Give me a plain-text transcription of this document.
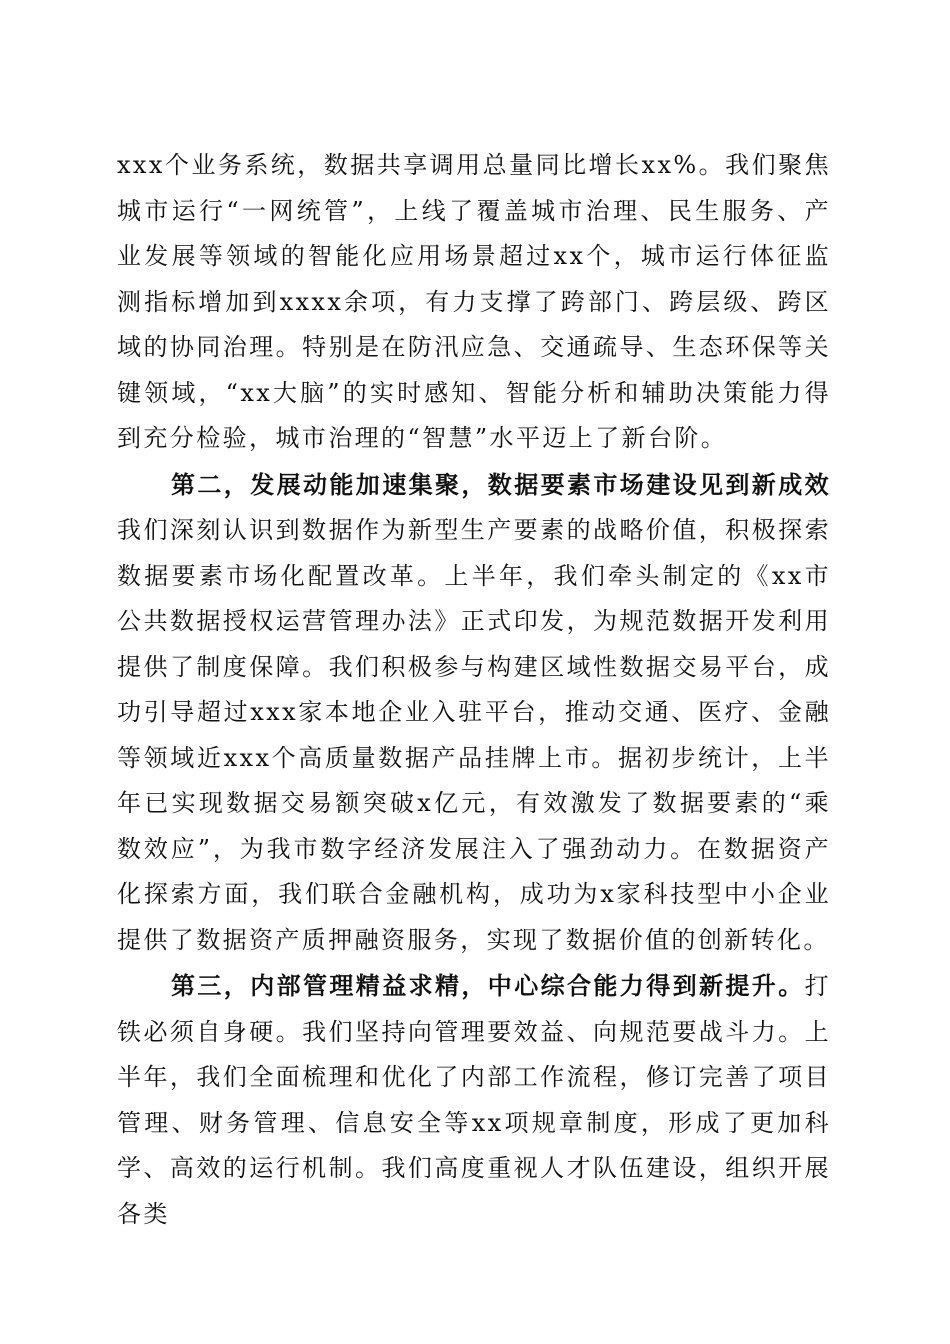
xxx个业务系统，数据共享调用总量同比增长xx%。我们聚焦城市运行“一网统管”，上线了覆盖城市治理、民生服务、产业发展等领域的智能化应用场景超过xx个，城市运行体征监测指标增加到xxxx余项，有力支撑了跨部门、跨层级、跨区域的协同治理。特别是在防汛应急、交通疏导、生态环保等关键领域，“xx大脑”的实时感知、智能分析和辅助决策能力得到充分检验，城市治理的“智慧”水平迈上了新台阶。

第二，发展动能加速集聚，数据要素市场建设见到新成效
我们深刻认识到数据作为新型生产要素的战略价值，积极探索数据要素市场化配置改革。上半年，我们牵头制定的《xx市公共数据授权运营管理办法》正式印发，为规范数据开发利用提供了制度保障。我们积极参与构建区域性数据交易平台，成功引导超过xxx家本地企业入驻平台，推动交通、医疗、金融等领域近xxx个高质量数据产品挂牌上市。据初步统计，上半年已实现数据交易额突破x亿元，有效激发了数据要素的“乘数效应”，为我市数字经济发展注入了强劲动力。在数据资产化探索方面，我们联合金融机构，成功为x家科技型中小企业提供了数据资产质押融资服务，实现了数据价值的创新转化。

第三，内部管理精益求精，中心综合能力得到新提升。打铁必须自身硬。我们坚持向管理要效益、向规范要战斗力。上半年，我们全面梳理和优化了内部工作流程，修订完善了项目管理、财务管理、信息安全等xx项规章制度，形成了更加科学、高效的运行机制。我们高度重视人才队伍建设，组织开展各类
